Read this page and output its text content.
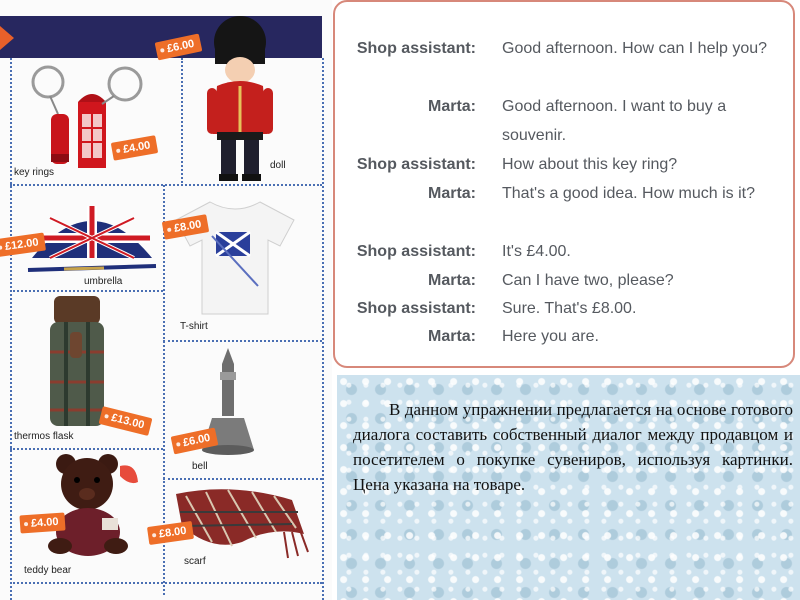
£4.00
key rings
£6.00
doll
£12.00
umbrella
£8.00
T-shirt
£13.00
thermos flask	£6.00
bell
£4.00
teddy bear
£8.00
scarf
Shop assistant: Good afternoon. How can I help you?
Marta: Good afternoon. I want to buy a souvenir.
Shop assistant: How about this key ring?
Marta: That's a good idea. How much is it?
Shop assistant: It's £4.00.
Marta: Can I have two, please?
Shop assistant: Sure. That's £8.00.
Marta: Here you are.
В данном упражнении предлагается на основе готового диалога составить собственный диалог между продавцом и посетителем о покупке сувениров, используя картинки. Цена указана на товаре.
